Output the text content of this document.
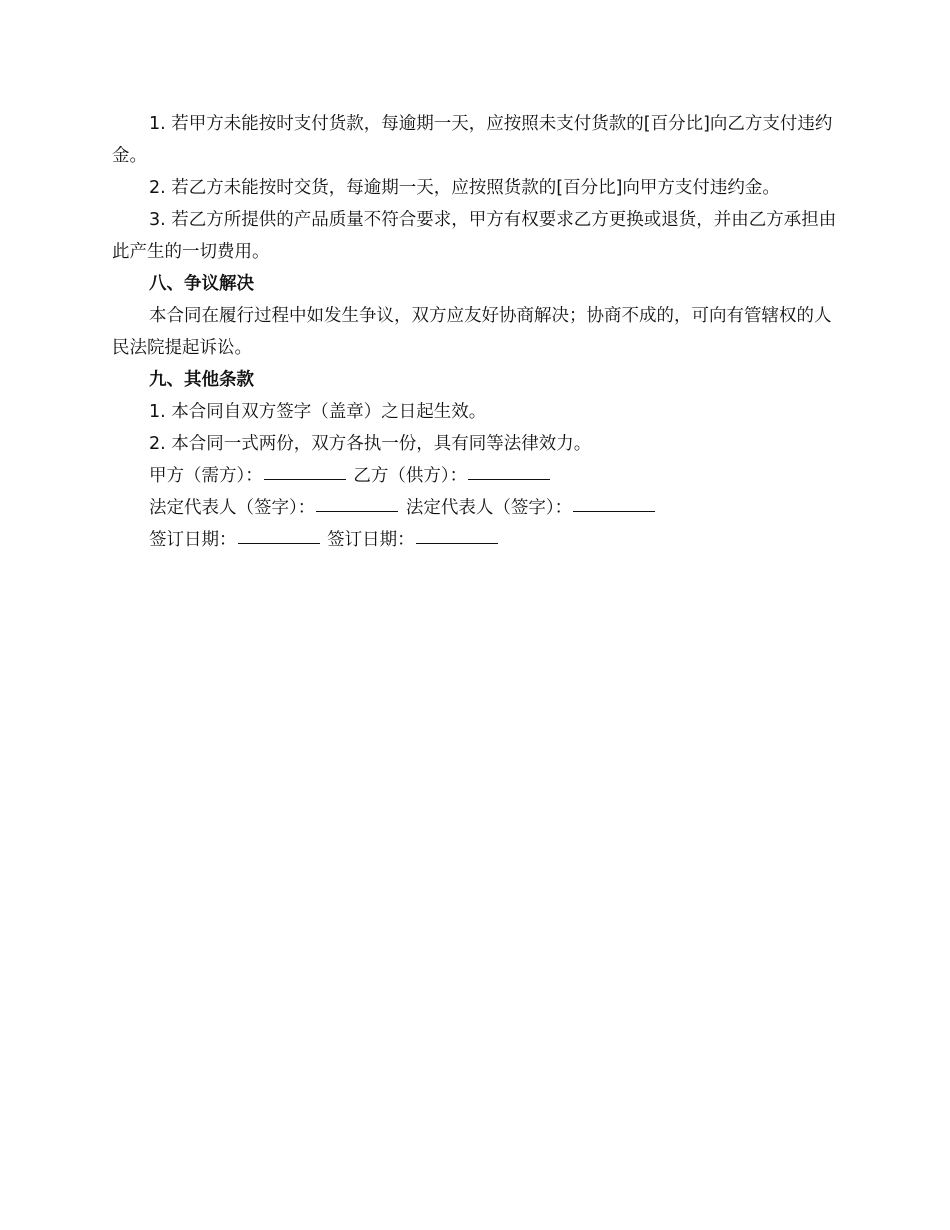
1. 若甲方未能按时支付货款，每逾期一天，应按照未支付货款的[百分比]向乙方支付违约金。

2. 若乙方未能按时交货，每逾期一天，应按照货款的[百分比]向甲方支付违约金。

3. 若乙方所提供的产品质量不符合要求，甲方有权要求乙方更换或退货，并由乙方承担由此产生的一切费用。

八、争议解决

本合同在履行过程中如发生争议，双方应友好协商解决；协商不成的，可向有管辖权的人民法院提起诉讼。

九、其他条款

1. 本合同自双方签字（盖章）之日起生效。

2. 本合同一式两份，双方各执一份，具有同等法律效力。

甲方（需方）：	乙方（供方）：

法定代表人（签字）：	法定代表人（签字）：

签订日期：	签订日期：
